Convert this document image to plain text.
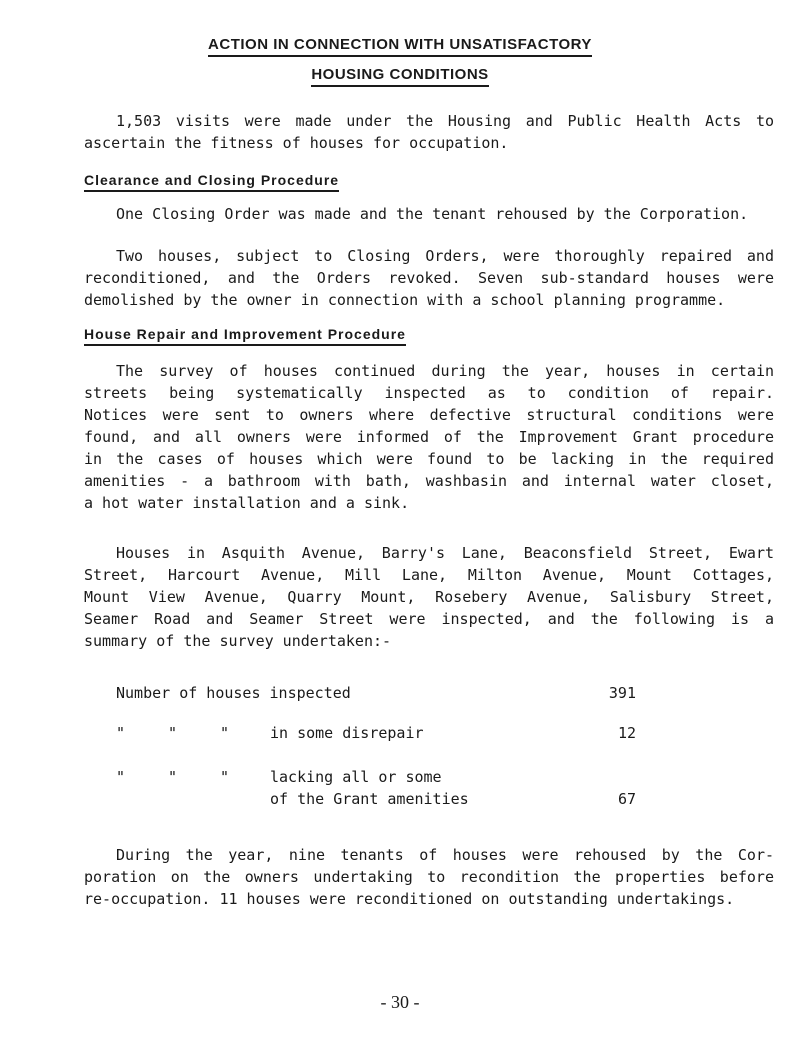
ACTION IN CONNECTION WITH UNSATISFACTORY
HOUSING CONDITIONS
1,503 visits were made under the Housing and Public Health Acts to
ascertain the fitness of houses for occupation.
Clearance and Closing Procedure
One Closing Order was made and the tenant rehoused by the Corporation.
Two houses, subject to Closing Orders, were thoroughly repaired and
reconditioned, and the Orders revoked. Seven sub-standard houses were
demolished by the owner in connection with a school planning programme.
House Repair and Improvement Procedure
The survey of houses continued during the year, houses in certain
streets being systematically inspected as to condition of repair.
Notices were sent to owners where defective structural conditions were
found, and all owners were informed of the Improvement Grant procedure
in the cases of houses which were found to be lacking in the required
amenities - a bathroom with bath, washbasin and internal water closet,
a hot water installation and a sink.
Houses in Asquith Avenue, Barry's Lane, Beaconsfield Street, Ewart
Street, Harcourt Avenue, Mill Lane, Milton Avenue, Mount Cottages,
Mount View Avenue, Quarry Mount, Rosebery Avenue, Salisbury Street,
Seamer Road and Seamer Street were inspected, and the following is a
summary of the survey undertaken:-
Number of houses inspected	391
"	"	"	in some disrepair	12
"	"	"	lacking all or some
of the Grant amenities	67
During the year, nine tenants of houses were rehoused by the Cor-
poration on the owners undertaking to recondition the properties before
re-occupation. 11 houses were reconditioned on outstanding undertakings.
- 30 -
